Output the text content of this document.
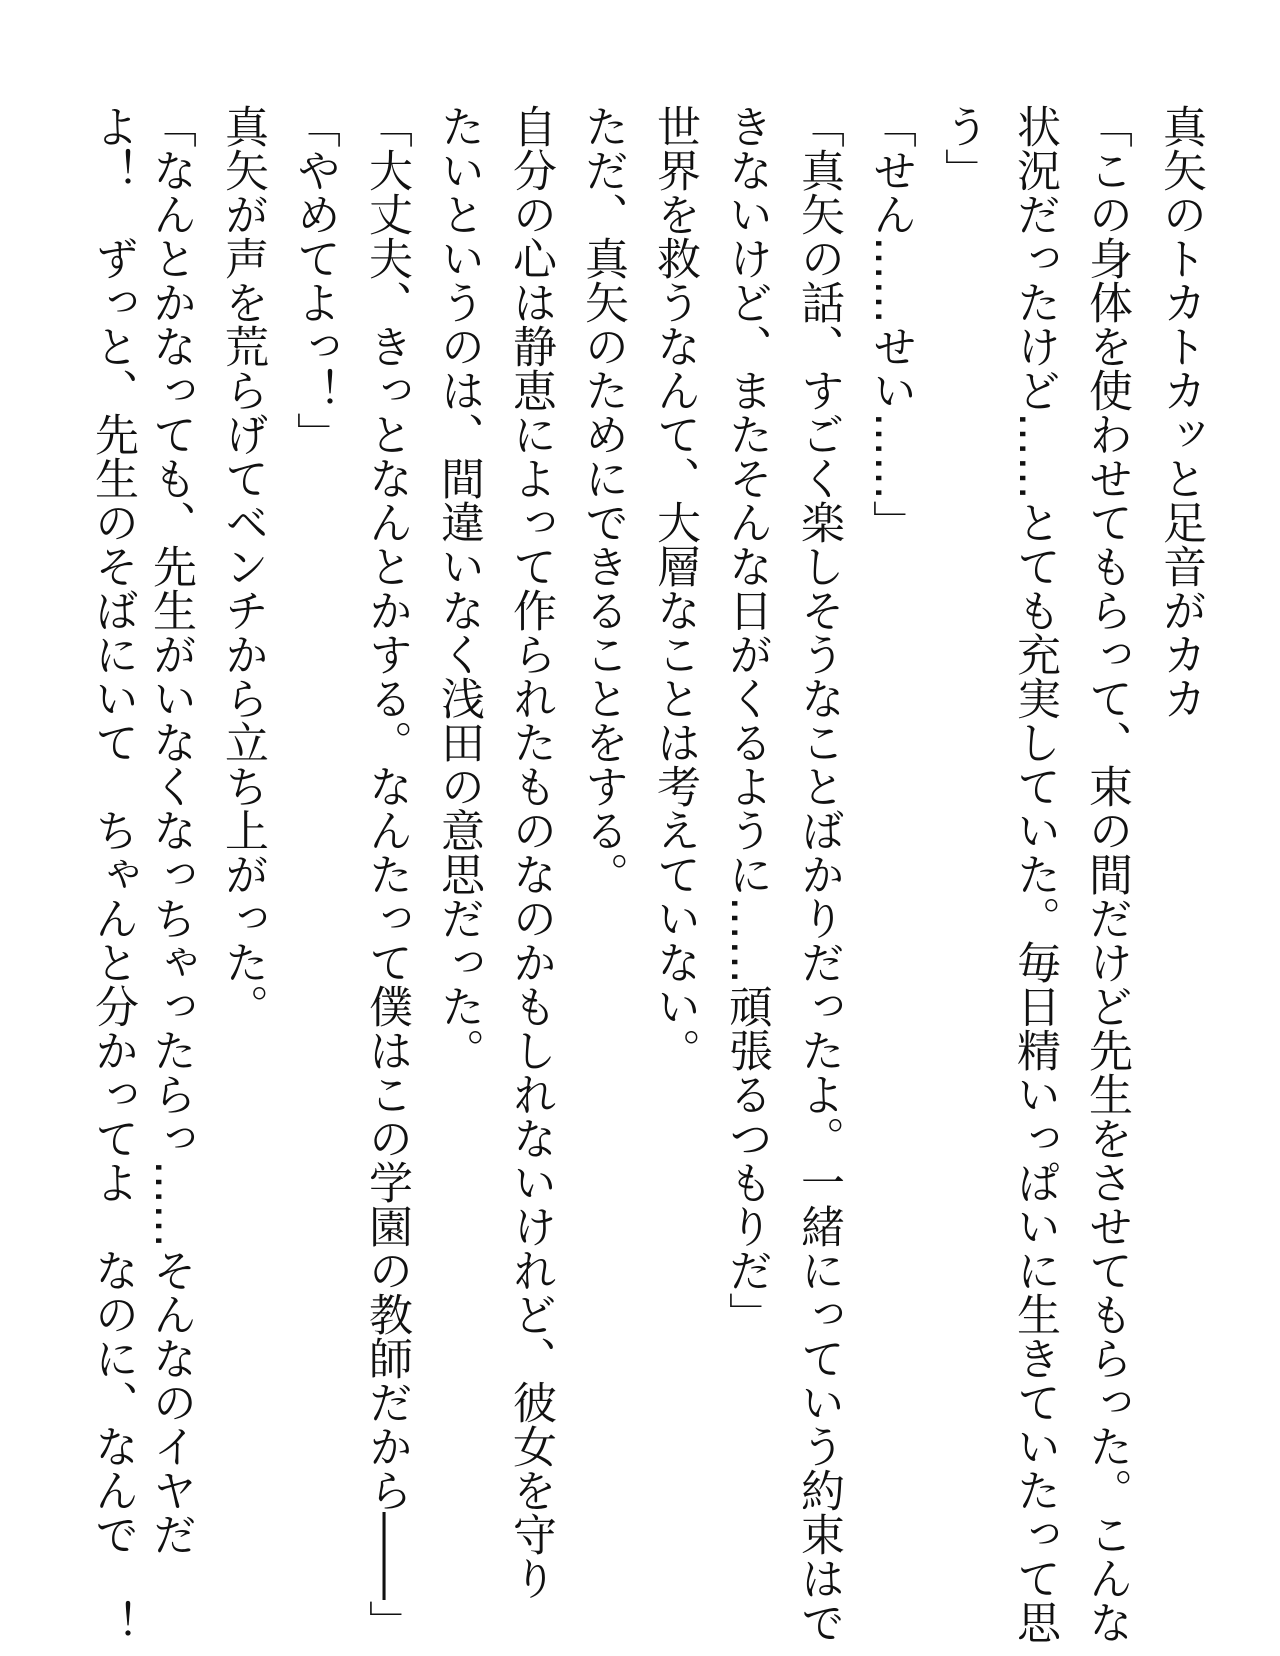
真矢のトカトカッと足音がカカ
「この身体を使わせてもらって、束の間だけど先生をさせてもらった。こんな
状況だったけど……とても充実していた。毎日精いっぱいに生きていたって思
う」
「せん……せい……」
「真矢の話、すごく楽しそうなことばかりだったよ。一緒にっていう約束はで
きないけど、またそんな日がくるように……頑張るつもりだ」
世界を救うなんて、大層なことは考えていない。
ただ、真矢のためにできることをする。
自分の心は静恵によって作られたものなのかもしれないけれど、彼女を守り
たいというのは、間違いなく浅田の意思だった。
「大丈夫、きっとなんとかする。なんたって僕はこの学園の教師だから――」
「やめてよっ！」
真矢が声を荒らげてベンチから立ち上がった。
「なんとかなっても、先生がいなくなっちゃったらっ……そんなのイヤだ
よ！　ずっと、先生のそばにいて　ちゃんと分かってよ　なのに、なんで　！
